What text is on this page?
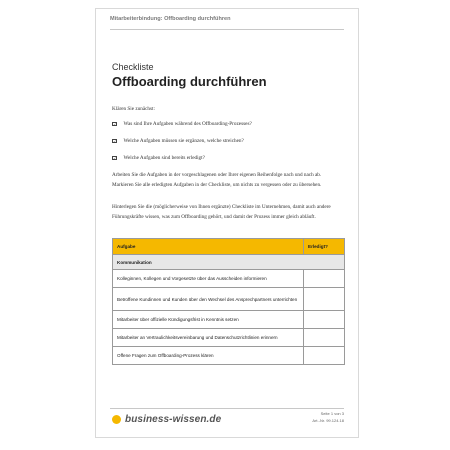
Mitarbeiterbindung: Offboarding durchführen
Checkliste
Offboarding durchführen
Klären Sie zunächst:
✓ Was sind Ihre Aufgaben während des Offboarding-Prozesses?
✓ Welche Aufgaben müssen sie ergänzen, welche streichen?
✓ Welche Aufgaben sind bereits erledigt?
Arbeiten Sie die Aufgaben in der vorgeschlagenen oder Ihrer eigenen Reihenfolge nach und nach ab. Markieren Sie alle erledigten Aufgaben in der Checkliste, um nichts zu vergessen oder zu übersehen.
Hinterlegen Sie die (möglicherweise von Ihnen ergänzte) Checkliste im Unternehmen, damit auch andere Führungskräfte wissen, was zum Offboarding gehört, und damit der Prozess immer gleich abläuft.
Aufgabe	Erledigt?
Kommunikation	
Kolleginnen, Kollegen und Vorgesetzte über das Ausscheiden informieren	
Betroffene Kundinnen und Kunden über den Wechsel des Ansprechpartners unterrichten	
Mitarbeiter über offizielle Kündigungsfrist in Kenntnis setzen	
Mitarbeiter an Vertraulichkeitsvereinbarung und Datenschutzrichtlinien erinnern	
Offene Fragen zum Offboarding-Prozess klären	
business-wissen.de
Seite 1 von 3
Art.-Nr. 99.124.18
